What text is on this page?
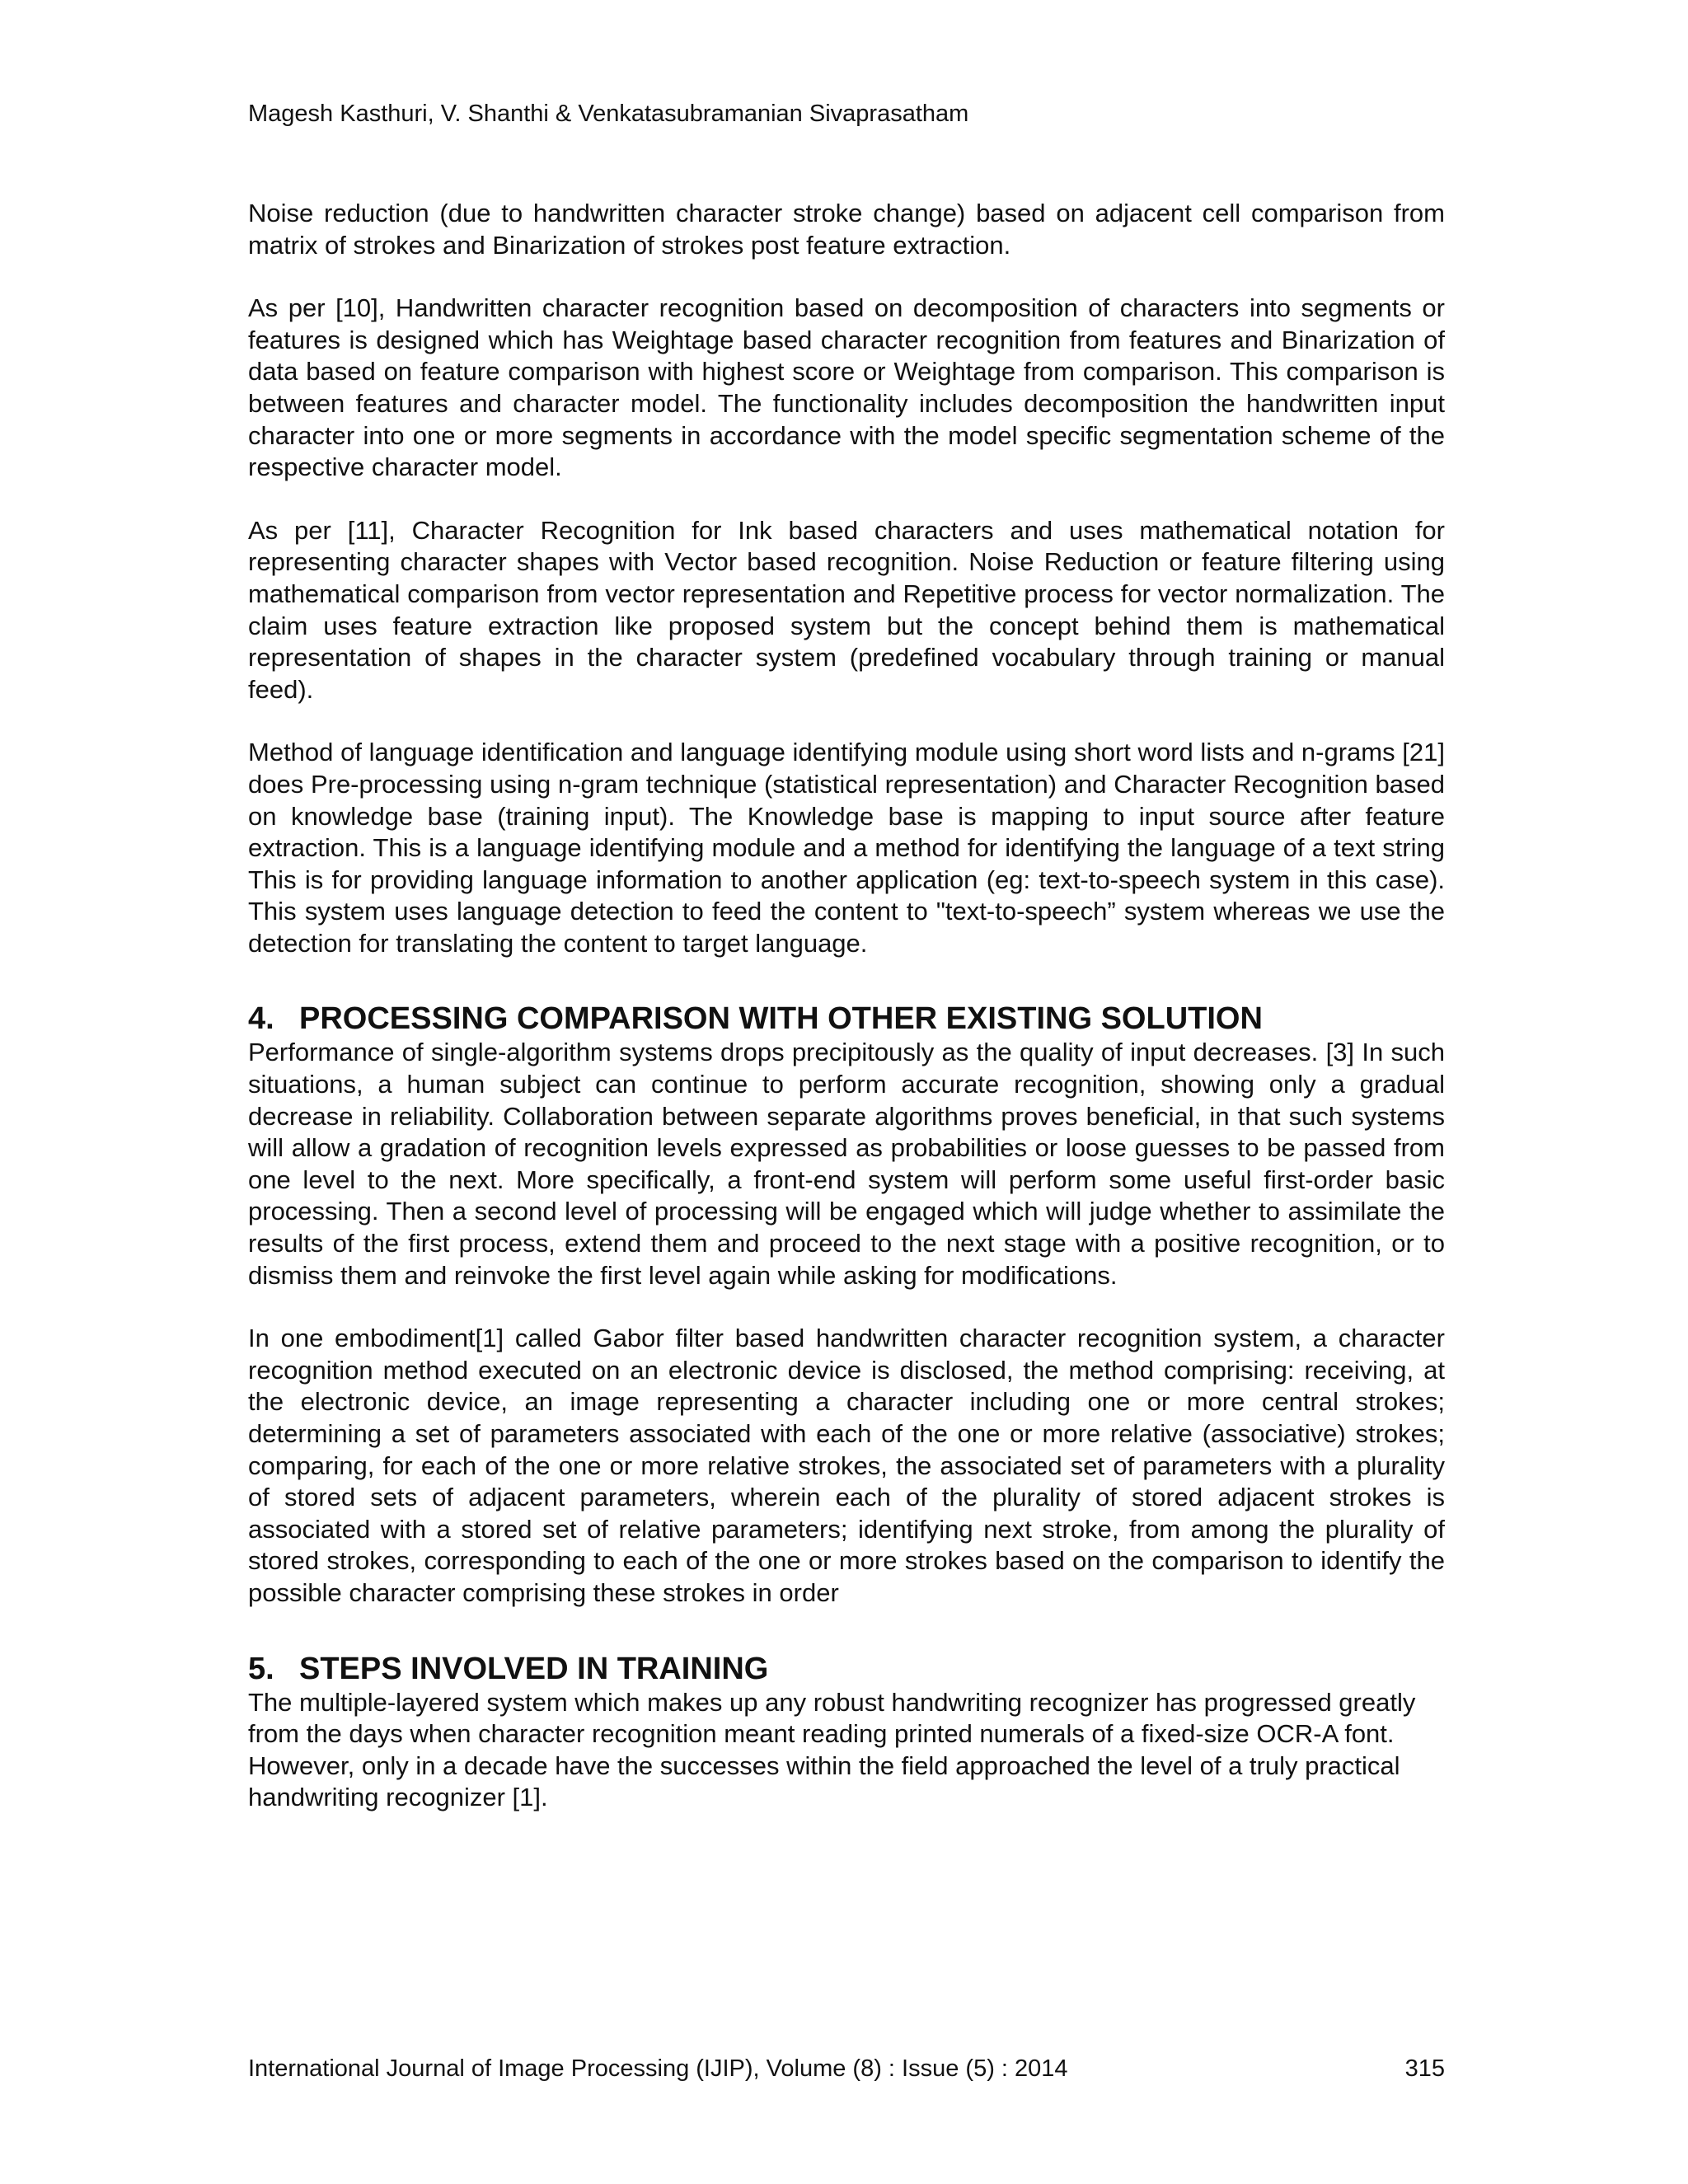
Magesh Kasthuri, V. Shanthi & Venkatasubramanian Sivaprasatham

Noise reduction (due to handwritten character stroke change) based on adjacent cell comparison from matrix of strokes and Binarization of strokes post feature extraction.

As per [10], Handwritten character recognition based on decomposition of characters into segments or features is designed which has Weightage based character recognition from features and Binarization of data based on feature comparison with highest score or Weightage from comparison. This comparison is between features and character model. The functionality includes decomposition the handwritten input character into one or more segments in accordance with the model specific segmentation scheme of the respective character model.

As per [11], Character Recognition for Ink based characters and uses mathematical notation for representing character shapes with Vector based recognition. Noise Reduction or feature filtering using mathematical comparison from vector representation and Repetitive process for vector normalization. The claim uses feature extraction like proposed system but the concept behind them is mathematical representation of shapes in the character system (predefined vocabulary through training or manual feed).

Method of language identification and language identifying module using short word lists and n-grams [21] does Pre-processing using n-gram technique (statistical representation) and Character Recognition based on knowledge base (training input). The Knowledge base is mapping to input source after feature extraction. This is a language identifying module and a method for identifying the language of a text string This is for providing language information to another application (eg: text-to-speech system in this case). This system uses language detection to feed the content to "text-to-speech” system whereas we use the detection for translating the content to target language.

4. PROCESSING COMPARISON WITH OTHER EXISTING SOLUTION

Performance of single-algorithm systems drops precipitously as the quality of input decreases. [3] In such situations, a human subject can continue to perform accurate recognition, showing only a gradual decrease in reliability. Collaboration between separate algorithms proves beneficial, in that such systems will allow a gradation of recognition levels expressed as probabilities or loose guesses to be passed from one level to the next. More specifically, a front-end system will perform some useful first-order basic processing. Then a second level of processing will be engaged which will judge whether to assimilate the results of the first process, extend them and proceed to the next stage with a positive recognition, or to dismiss them and reinvoke the first level again while asking for modifications.

In one embodiment[1] called Gabor filter based handwritten character recognition system, a character recognition method executed on an electronic device is disclosed, the method comprising: receiving, at the electronic device, an image representing a character including one or more central strokes; determining a set of parameters associated with each of the one or more relative (associative) strokes; comparing, for each of the one or more relative strokes, the associated set of parameters with a plurality of stored sets of adjacent parameters, wherein each of the plurality of stored adjacent strokes is associated with a stored set of relative parameters; identifying next stroke, from among the plurality of stored strokes, corresponding to each of the one or more strokes based on the comparison to identify the possible character comprising these strokes in order

5. STEPS INVOLVED IN TRAINING

The multiple-layered system which makes up any robust handwriting recognizer has progressed greatly from the days when character recognition meant reading printed numerals of a fixed-size OCR-A font. However, only in a decade have the successes within the field approached the level of a truly practical handwriting recognizer [1].

International Journal of Image Processing (IJIP), Volume (8) : Issue (5) : 2014	315
